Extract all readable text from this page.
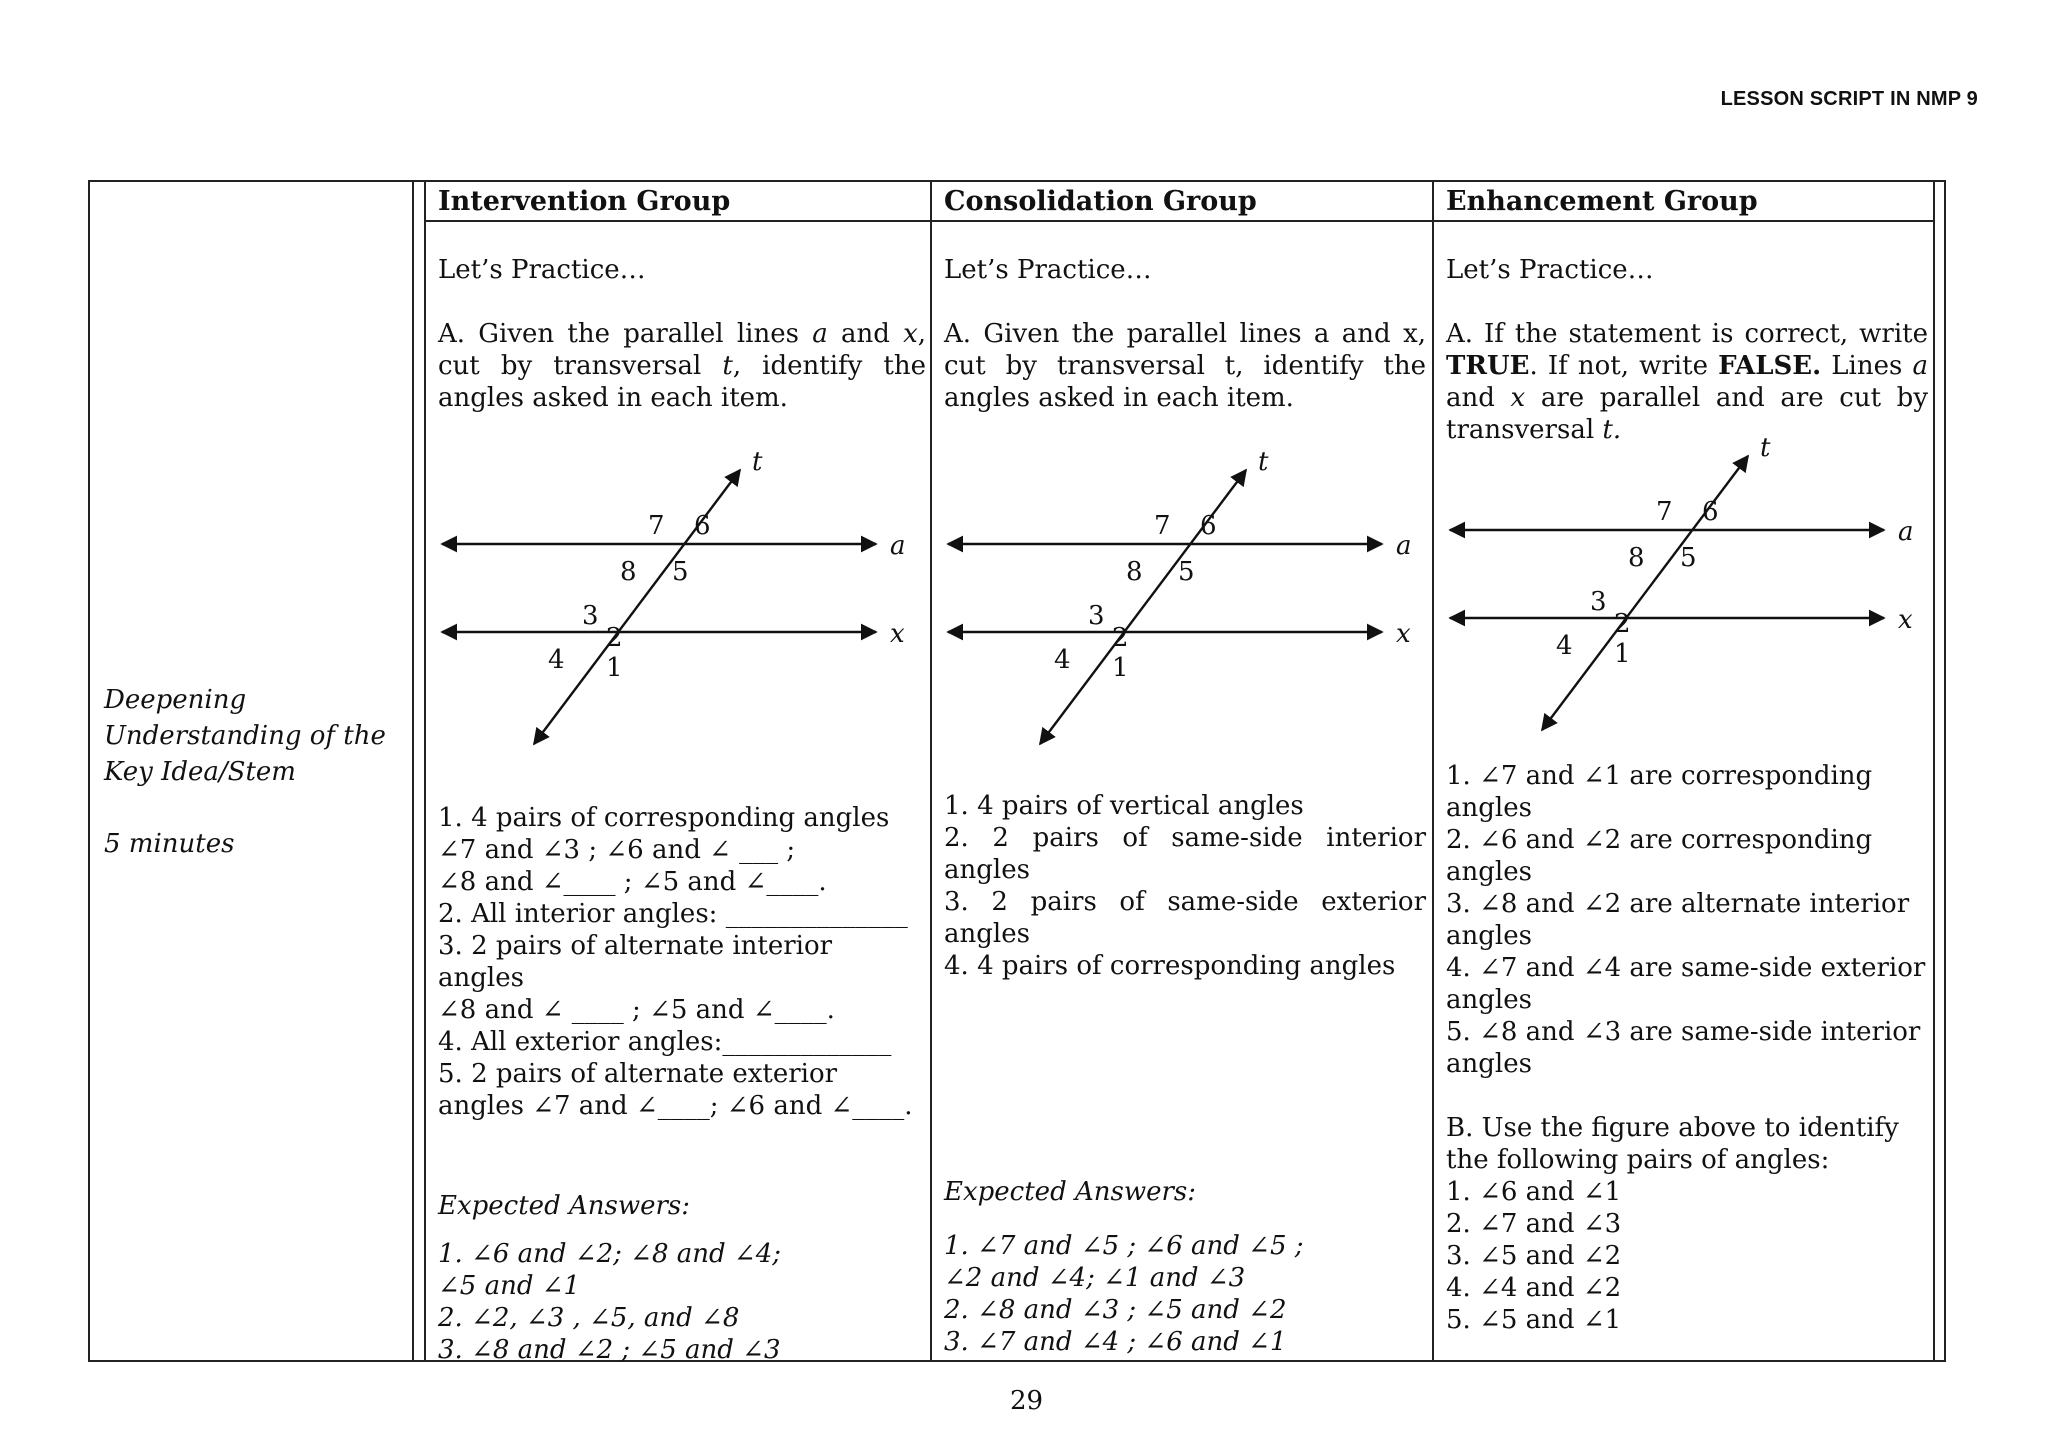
LESSON SCRIPT IN NMP 9
Deepening
Understanding of the
Key Idea/Stem
5 minutes
Intervention Group	Consolidation Group	Enhancement Group
Let’s Practice…
A. Given the parallel lines a and x, cut by transversal t, identify the angles asked in each item.
t
a
x
1
2
3
4
5
6
7
8

1. 4 pairs of corresponding angles

∠7 and ∠3 ; ∠6 and ∠ ___ ;

∠8 and ∠____ ; ∠5 and ∠____.

2. All interior angles: ______________

3. 2 pairs of alternate interior

angles

∠8 and ∠ ____ ; ∠5 and ∠____.

4. All exterior angles:_____________

5. 2 pairs of alternate exterior

angles ∠7 and ∠____; ∠6 and ∠____.

Expected Answers:

1. ∠6 and ∠2; ∠8 and ∠4;

∠5 and ∠1

2. ∠2, ∠3 , ∠5, and ∠8

3. ∠8 and ∠2 ; ∠5 and ∠3

Let’s Practice…
A. Given the parallel lines a and x, cut by transversal t, identify the angles asked in each item.
t
a
x
1
2
3
4
5
6
7
8

1. 4 pairs of vertical angles

2. 2 pairs of same-side interior angles

3. 2 pairs of same-side exterior angles

4. 4 pairs of corresponding angles

Expected Answers:

1. ∠7 and ∠5 ; ∠6 and ∠5 ;

∠2 and ∠4; ∠1 and ∠3

2. ∠8 and ∠3 ; ∠5 and ∠2

3. ∠7 and ∠4 ; ∠6 and ∠1

Let’s Practice…
A. If the statement is correct, write TRUE. If not, write FALSE. Lines a and x are parallel and are cut by transversal t.
t
a
x
1
2
3
4
5
6
7
8

1. ∠7 and ∠1 are corresponding angles

2. ∠6 and ∠2 are corresponding angles

3. ∠8 and ∠2 are alternate interior angles

4. ∠7 and ∠4 are same-side exterior angles

5. ∠8 and ∠3 are same-side interior angles

B. Use the figure above to identify the following pairs of angles:

1. ∠6 and ∠1

2. ∠7 and ∠3

3. ∠5 and ∠2

4. ∠4 and ∠2

5. ∠5 and ∠1

29
